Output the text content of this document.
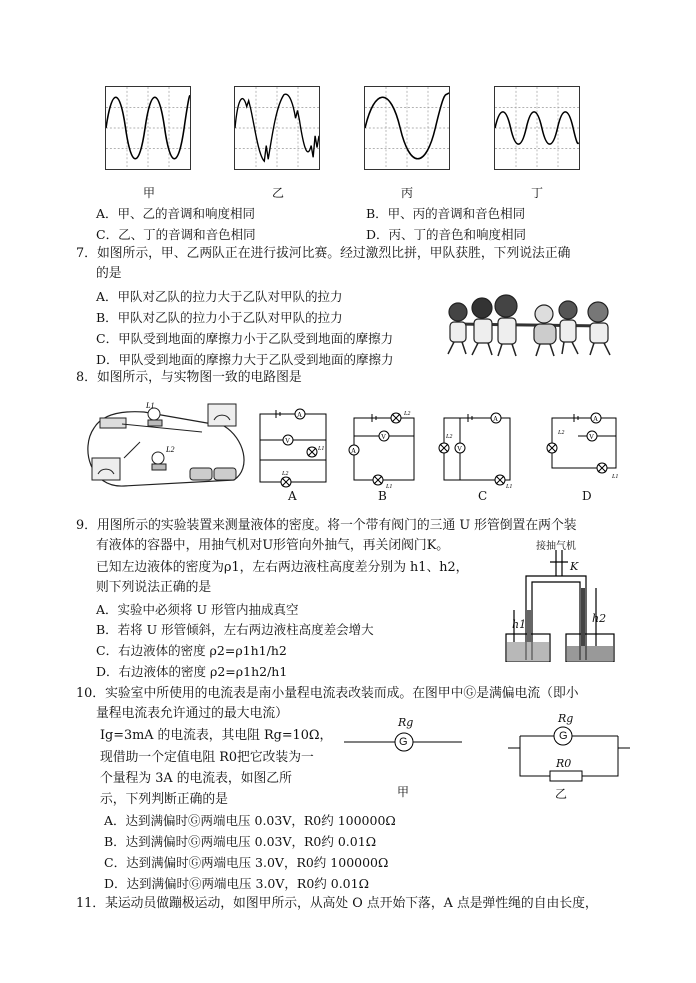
甲	乙	丙	丁
A．甲、乙的音调和响度相同	B．甲、丙的音调和音色相同
C．乙、丁的音调和音色相同	D．丙、丁的音色和响度相同
7．如图所示，甲、乙两队正在进行拔河比赛。经过激烈比拼，甲队获胜，下列说法正确
的是
A．甲队对乙队的拉力大于乙队对甲队的拉力
B．甲队对乙队的拉力小于乙队对甲队的拉力
C．甲队受到地面的摩擦力小于乙队受到地面的摩擦力
D．甲队受到地面的摩擦力大于乙队受到地面的摩擦力
8．如图所示，与实物图一致的电路图是
L1
L2
A
V
L1
L2
V
A
L2
L1
A
V
L2
L1
A
V
L2
L1
A	B	C	D
9．用图所示的实验装置来测量液体的密度。将一个带有阀门的三通 U 形管倒置在两个装
有液体的容器中，用抽气机对U形管向外抽气，再关闭阀门K。
已知左边液体的密度为ρ1，左右两边液柱高度差分别为 h1、h2，
则下列说法正确的是
A．实验中必须将 U 形管内抽成真空
B．若将 U 形管倾斜，左右两边液柱高度差会增大
C．右边液体的密度 ρ2=ρ1h1/h2
D．右边液体的密度 ρ2=ρ1h2/h1
接抽气机
K
h1	h2
10．实验室中所使用的电流表是南小量程电流表改装而成。在图甲中Ⓖ是满偏电流（即小
量程电流表允许通过的最大电流）
Ig=3mA 的电流表，其电阻 Rg=10Ω，
现借助一个定值电阻 R0把它改装为一
个量程为 3A 的电流表，如图乙所
示，下列判断正确的是
A．达到满偏时Ⓖ两端电压 0.03V，R0约 100000Ω
B．达到满偏时Ⓖ两端电压 0.03V，R0约 0.01Ω
C．达到满偏时Ⓖ两端电压 3.0V，R0约 100000Ω
D．达到满偏时Ⓖ两端电压 3.0V，R0约 0.01Ω
G
Rg
甲
G
Rg
R0
乙
11．某运动员做蹦极运动，如图甲所示，从高处 O 点开始下落，A 点是弹性绳的自由长度，
